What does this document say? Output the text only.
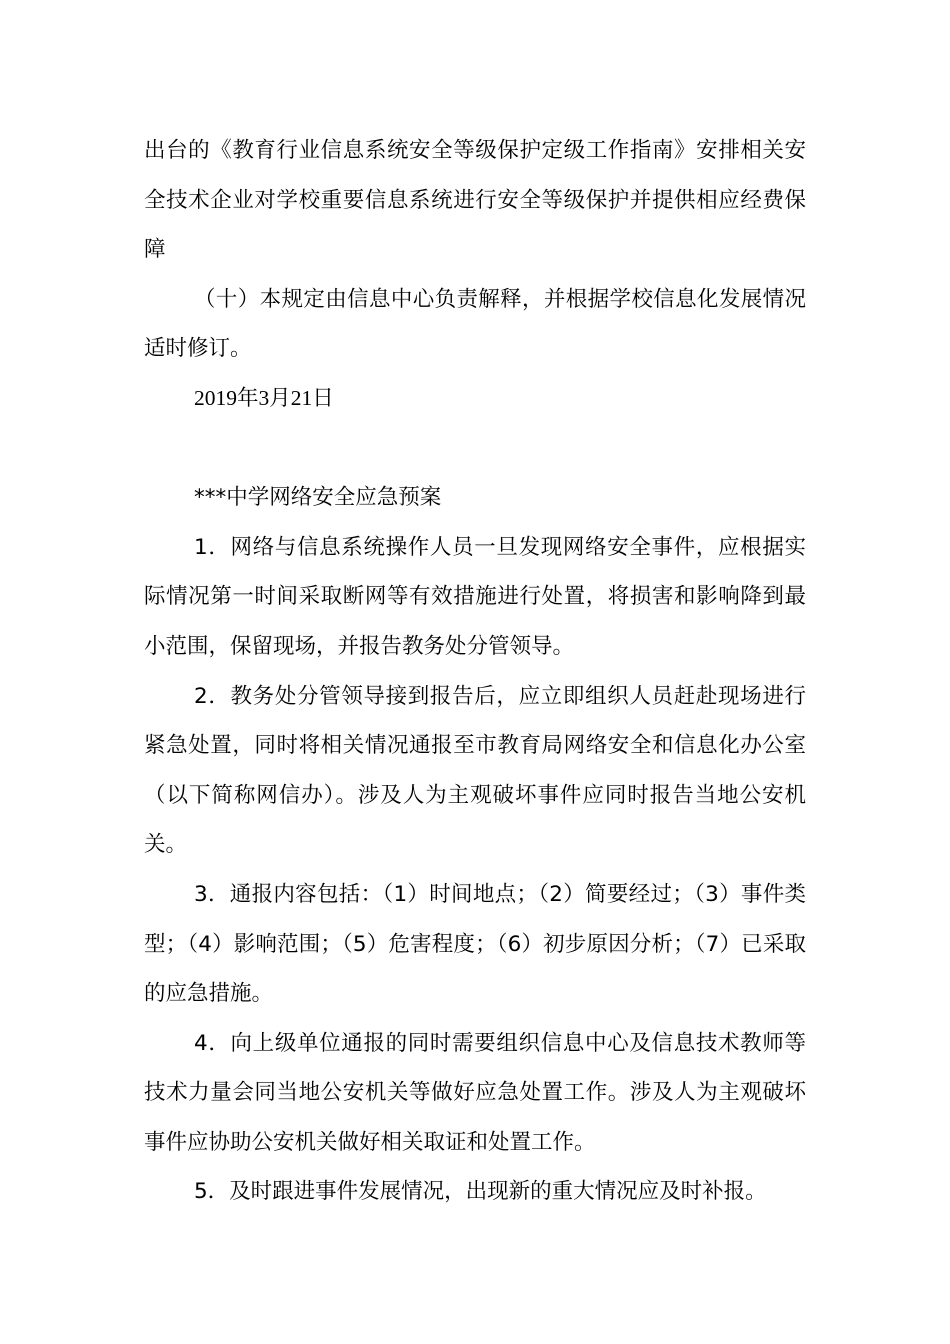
出台的《教育行业信息系统安全等级保护定级工作指南》安排相关安全技术企业对学校重要信息系统进行安全等级保护并提供相应经费保障

（十）本规定由信息中心负责解释，并根据学校信息化发展情况适时修订。

2019年3月21日

***中学网络安全应急预案

1．网络与信息系统操作人员一旦发现网络安全事件，应根据实际情况第一时间采取断网等有效措施进行处置，将损害和影响降到最小范围，保留现场，并报告教务处分管领导。

2．教务处分管领导接到报告后，应立即组织人员赶赴现场进行紧急处置，同时将相关情况通报至市教育局网络安全和信息化办公室（以下简称网信办）。涉及人为主观破坏事件应同时报告当地公安机关。

3．通报内容包括：（1）时间地点；（2）简要经过；（3）事件类型；（4）影响范围；（5）危害程度；（6）初步原因分析；（7）已采取的应急措施。

4．向上级单位通报的同时需要组织信息中心及信息技术教师等技术力量会同当地公安机关等做好应急处置工作。涉及人为主观破坏事件应协助公安机关做好相关取证和处置工作。

5．及时跟进事件发展情况，出现新的重大情况应及时补报。
